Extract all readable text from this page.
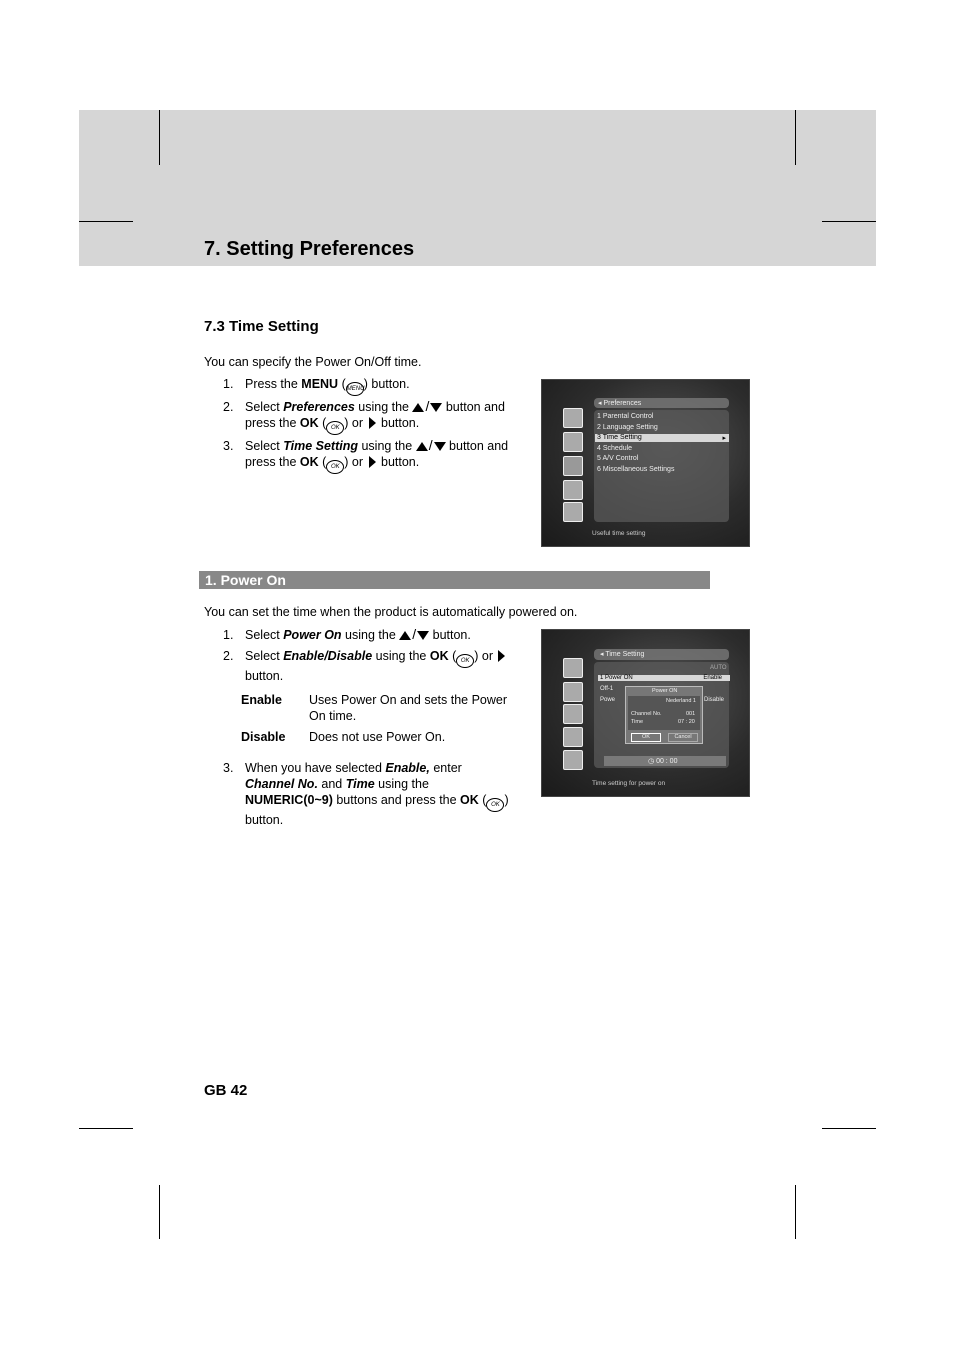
7. Setting Preferences
7.3 Time Setting
You can specify the Power On/Off time.
1. Press the MENU (MENU) button.
2. Select Preferences using the / button and
press the OK ( OK ) or  button.
3. Select Time Setting using the / button and
press the OK ( OK ) or  button.
◂ Preferences
1 Parental Control
2 Language Setting
3 Time Setting	▸
4 Schedule
5 A/V Control
6 Miscellaneous Settings
Useful time setting
1. Power On
You can set the time when the product is automatically powered on.
1. Select Power On using the / button.
2. Select Enable/Disable using the OK ( OK ) or
button.
Enable Uses Power On and sets the Power
On time.
Disable Does not use Power On.
3. When you have selected Enable, enter
Channel No. and Time using the
NUMERIC(0~9) buttons and press the OK ( OK )
button.
◂ Time Setting
AUTO
1 Power ON	Enable
Off-1
Powe	Disable
Power ON
Nederland 1
Channel No.	001
Time	07 : 20
OK	Cancel
◷ 00 : 00
Time setting for power on
GB 42
